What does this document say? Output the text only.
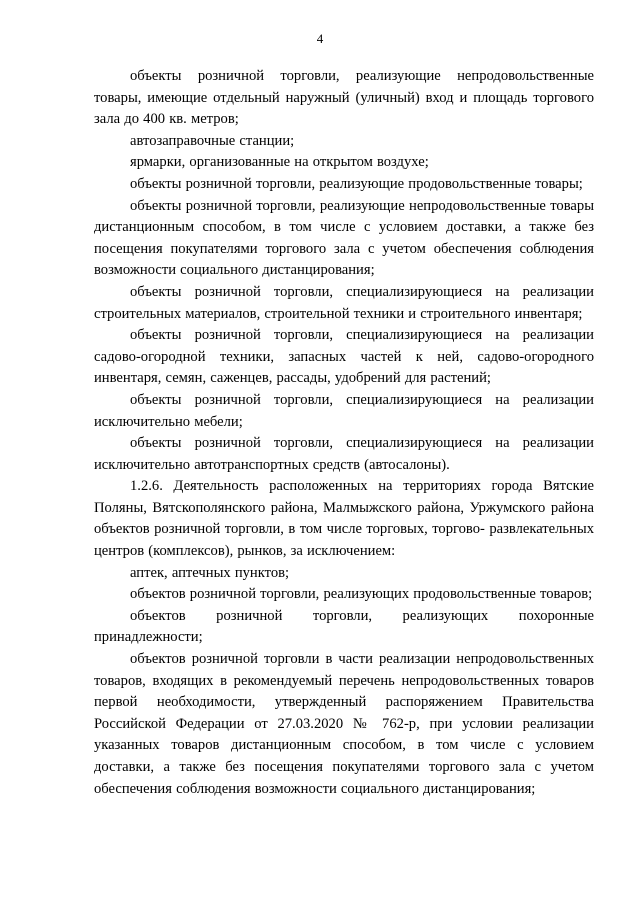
4

объекты розничной торговли, реализующие непродовольственные товары, имеющие отдельный наружный (уличный) вход и площадь торгового зала до 400 кв. метров;

автозаправочные станции;

ярмарки, организованные на открытом воздухе;

объекты розничной торговли, реализующие продовольственные товары;

объекты розничной торговли, реализующие непродовольственные товары дистанционным способом, в том числе с условием доставки, а также без посещения покупателями торгового зала с учетом обеспечения соблюдения возможности социального дистанцирования;

объекты розничной торговли, специализирующиеся на реализации строительных материалов, строительной техники и строительного инвентаря;

объекты розничной торговли, специализирующиеся на реализации садово-огородной техники, запасных частей к ней, садово-огородного инвентаря, семян, саженцев, рассады, удобрений для растений;

объекты розничной торговли, специализирующиеся на реализации исключительно мебели;

объекты розничной торговли, специализирующиеся на реализации исключительно автотранспортных средств (автосалоны).

1.2.6. Деятельность расположенных на территориях города Вятские Поляны, Вятскополянского района, Малмыжского района, Уржумского района объектов розничной торговли, в том числе торговых, торгово- развлекательных центров (комплексов), рынков, за исключением:

аптек, аптечных пунктов;

объектов розничной торговли, реализующих продовольственные товаров;

объектов розничной торговли, реализующих похоронные принадлежности;

объектов розничной торговли в части реализации непродовольственных товаров, входящих в рекомендуемый перечень непродовольственных товаров первой необходимости, утвержденный распоряжением Правительства Российской Федерации от 27.03.2020 № 762-р, при условии реализации указанных товаров дистанционным способом, в том числе с условием доставки, а также без посещения покупателями торгового зала с учетом обеспечения соблюдения возможности социального дистанцирования;
